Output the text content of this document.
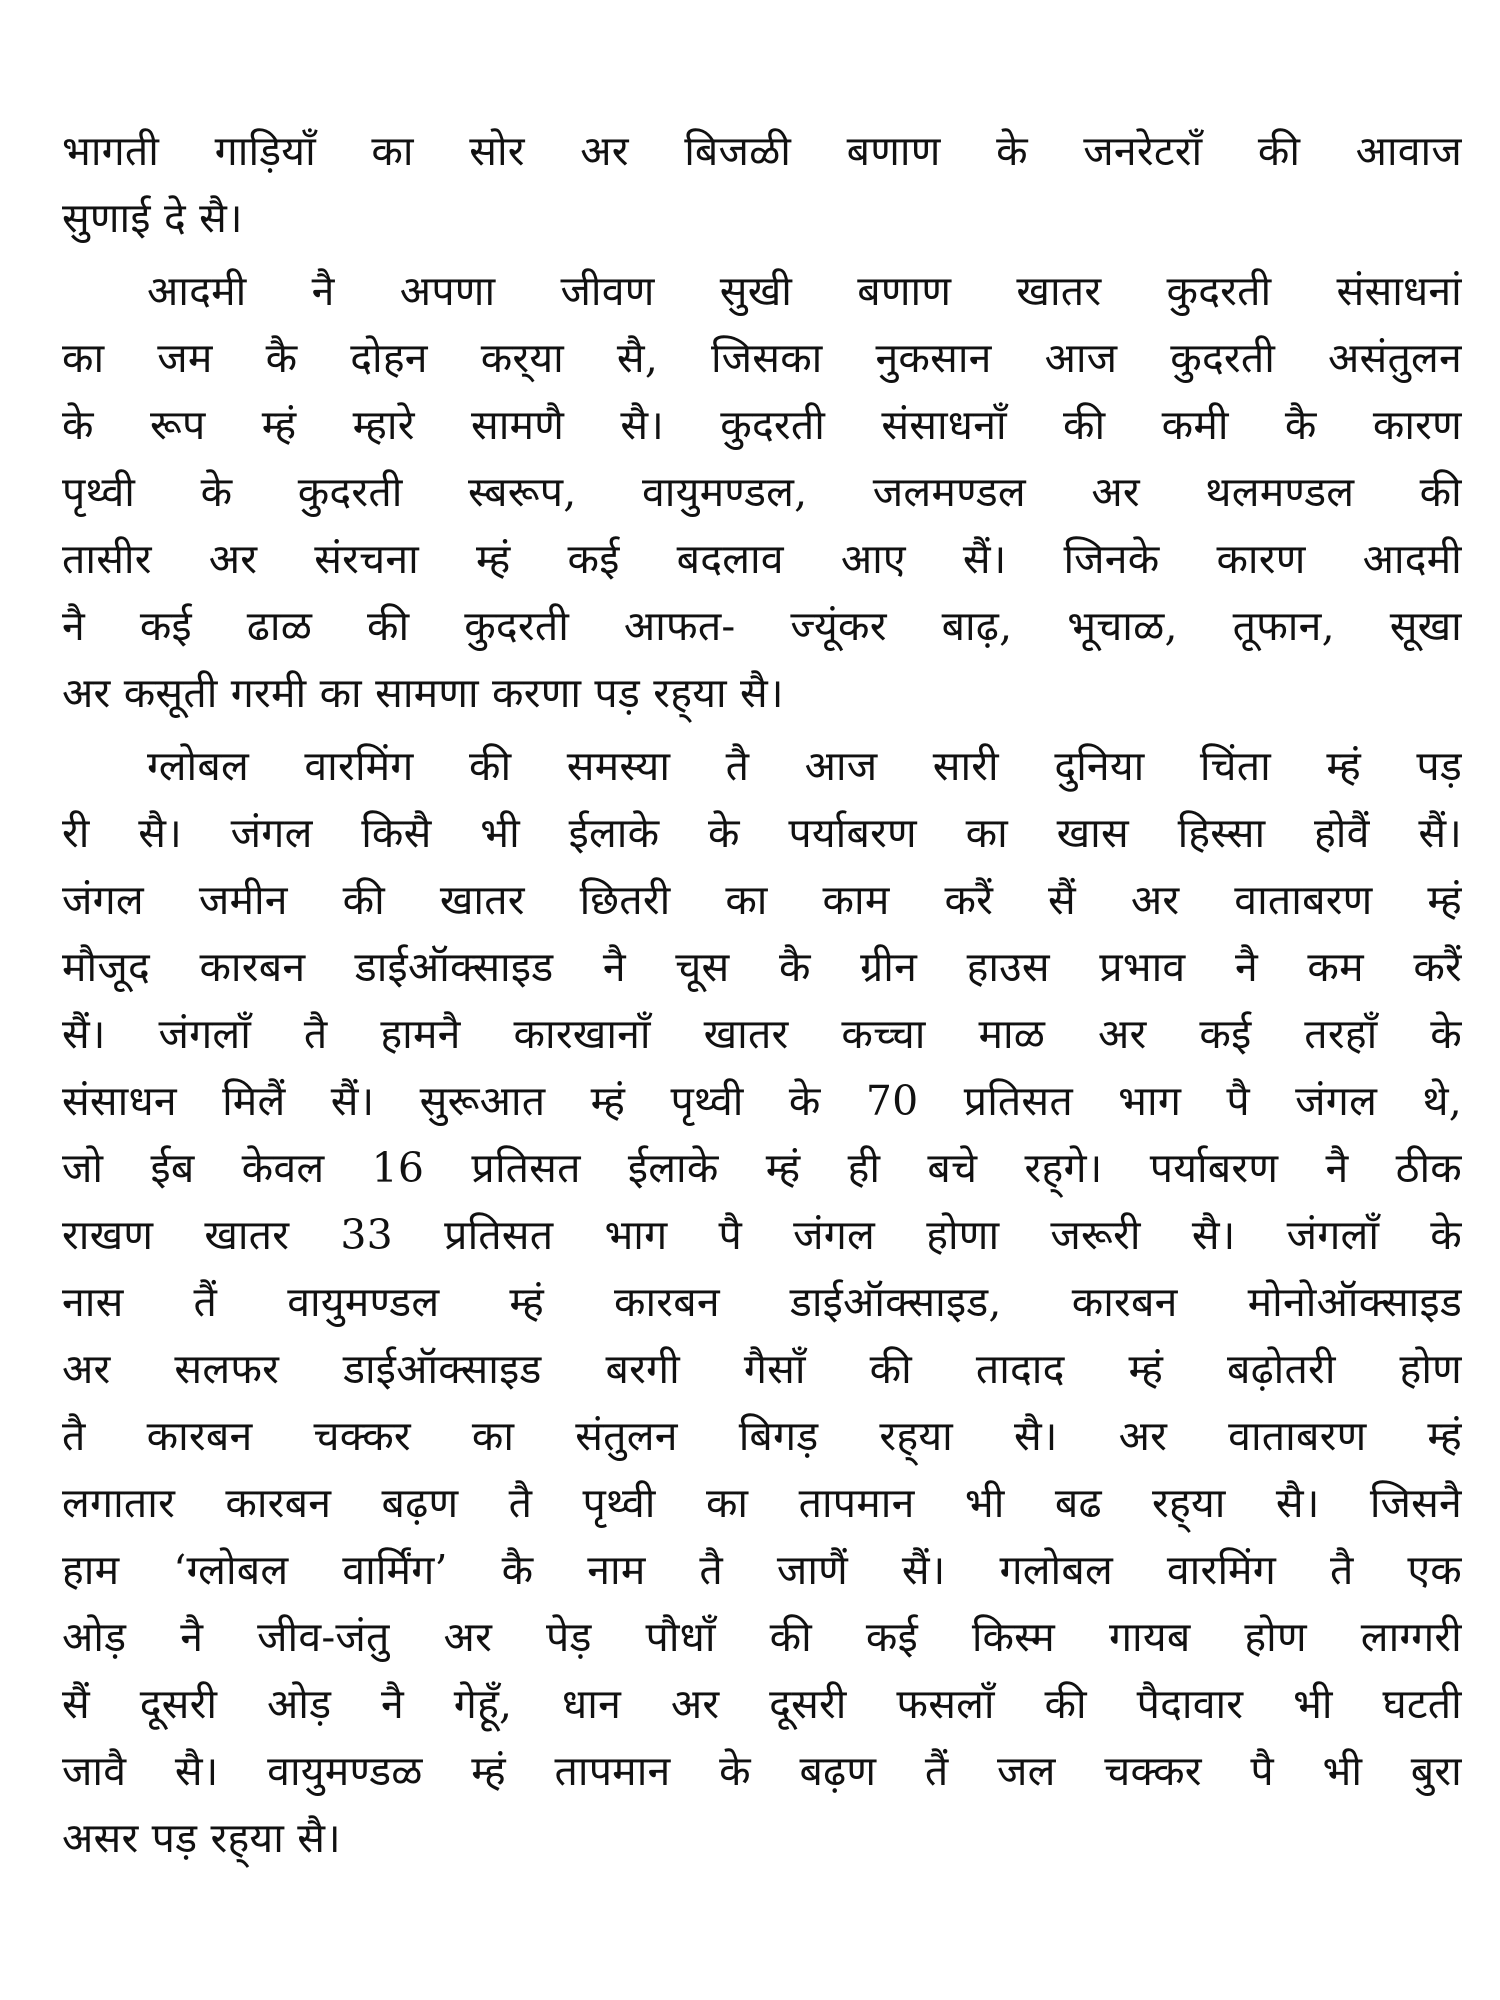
भागती गाड़ियाँ का सोर अर बिजळी बणाण के जनरेटराँ की आवाज
सुणाई दे सै।
आदमी नै अपणा जीवण सुखी बणाण खातर कुदरती संसाधनां
का जम कै दोहन कर्‌या सै, जिसका नुकसान आज कुदरती असंतुलन
के रूप म्हं म्हारे सामणै सै। कुदरती संसाधनाँ की कमी कै कारण
पृथ्वी के कुदरती स्बरूप, वायुमण्डल, जलमण्डल अर थलमण्डल की
तासीर अर संरचना म्हं कई बदलाव आए सैं। जिनके कारण आदमी
नै कई ढाळ की कुदरती आफत- ज्यूंकर बाढ़, भूचाळ, तूफान, सूखा
अर कसूती गरमी का सामणा करणा पड़ रह्‌या सै।
ग्लोबल वारमिंग की समस्या तै आज सारी दुनिया चिंता म्हं पड़
री सै। जंगल किसै भी ईलाके के पर्याबरण का खास हिस्सा होवैं सैं।
जंगल जमीन की खातर छितरी का काम करैं सैं अर वाताबरण म्हं
मौजूद कारबन डाईऑक्साइड नै चूस कै ग्रीन हाउस प्रभाव नै कम करैं
सैं। जंगलाँ तै हामनै कारखानाँ खातर कच्चा माळ अर कई तरहाँ के
संसाधन मिलैं सैं। सुरूआत म्हं पृथ्वी के 70 प्रतिसत भाग पै जंगल थे,
जो ईब केवल 16 प्रतिसत ईलाके म्हं ही बचे रह्‌गे। पर्याबरण नै ठीक
राखण खातर 33 प्रतिसत भाग पै जंगल होणा जरूरी सै। जंगलाँ के
नास तैं वायुमण्डल म्हं कारबन डाईऑक्साइड, कारबन मोनोऑक्साइड
अर सलफर डाईऑक्साइड बरगी गैसाँ की तादाद म्हं बढ़ोतरी होण
तै कारबन चक्कर का संतुलन बिगड़ रह्‌या सै। अर वाताबरण म्हं
लगातार कारबन बढ़ण तै पृथ्वी का तापमान भी बढ रह्‌या सै। जिसनै
हाम ‘ग्लोबल वार्मिंग’ कै नाम तै जाणैं सैं। गलोबल वारमिंग तै एक
ओड़ नै जीव-जंतु अर पेड़ पौधाँ की कई किस्म गायब होण लाग्गरी
सैं दूसरी ओड़ नै गेहूँ, धान अर दूसरी फसलाँ की पैदावार भी घटती
जावै सै। वायुमण्डळ म्हं तापमान के बढ़ण तैं जल चक्कर पै भी बुरा
असर पड़ रह्‌या सै।
